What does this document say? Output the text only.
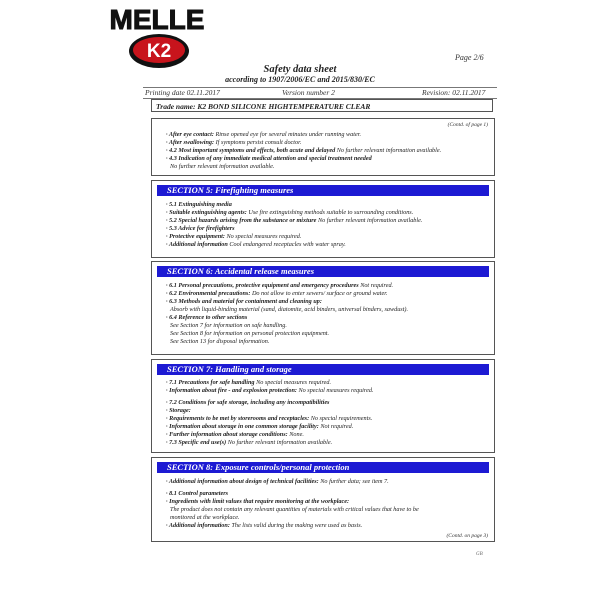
MELLE
K2	Page 2/6
Safety data sheet
according to 1907/2006/EC and 2015/830/EC
Printing date 02.11.2017	Version number 2	Revision: 02.11.2017
Trade name: K2 BOND SILICONE HIGHTEMPERATURE CLEAR
(Contd. of page 1)
· After eye contact: Rinse opened eye for several minutes under running water.
· After swallowing: If symptoms persist consult doctor.
· 4.2 Most important symptoms and effects, both acute and delayed No further relevant information available.
· 4.3 Indication of any immediate medical attention and special treatment needed
No further relevant information available.
SECTION 5: Firefighting measures
· 5.1 Extinguishing media
· Suitable extinguishing agents: Use fire extinguishing methods suitable to surrounding conditions.
· 5.2 Special hazards arising from the substance or mixture No further relevant information available.
· 5.3 Advice for firefighters
· Protective equipment: No special measures required.
· Additional information Cool endangered receptacles with water spray.
SECTION 6: Accidental release measures
· 6.1 Personal precautions, protective equipment and emergency procedures Not required.
· 6.2 Environmental precautions: Do not allow to enter sewers/ surface or ground water.
· 6.3 Methods and material for containment and cleaning up:
Absorb with liquid-binding material (sand, diatomite, acid binders, universal binders, sawdust).
· 6.4 Reference to other sections
See Section 7 for information on safe handling.
See Section 8 for information on personal protection equipment.
See Section 13 for disposal information.
SECTION 7: Handling and storage
· 7.1 Precautions for safe handling No special measures required.
· Information about fire - and explosion protection: No special measures required.
· 7.2 Conditions for safe storage, including any incompatibilities
· Storage:
· Requirements to be met by storerooms and receptacles: No special requirements.
· Information about storage in one common storage facility: Not required.
· Further information about storage conditions: None.
· 7.3 Specific end use(s) No further relevant information available.
SECTION 8: Exposure controls/personal protection
· Additional information about design of technical facilities: No further data; see item 7.
· 8.1 Control parameters
· Ingredients with limit values that require monitoring at the workplace:
The product does not contain any relevant quantities of materials with critical values that have to be
monitored at the workplace.
· Additional information: The lists valid during the making were used as basis.
(Contd. on page 3)
GB
